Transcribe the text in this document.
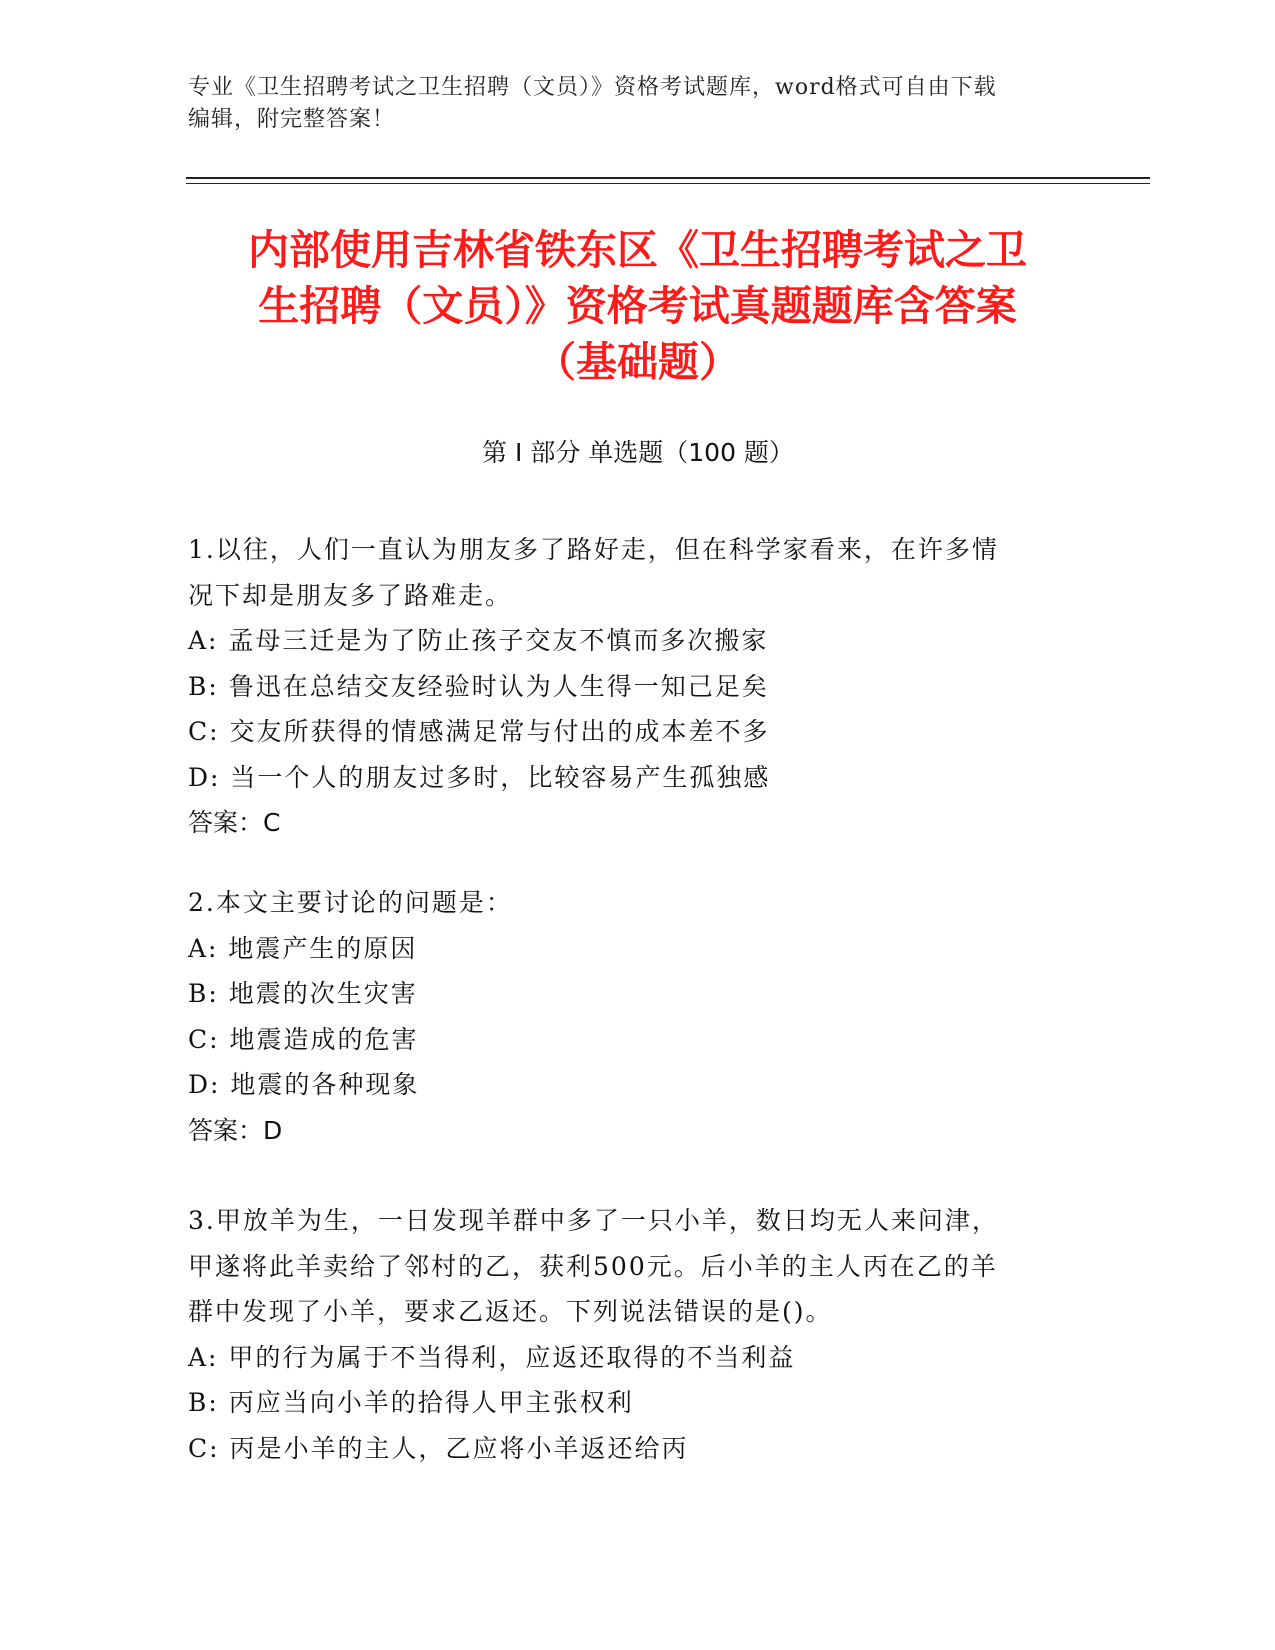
专业《卫生招聘考试之卫生招聘（文员）》资格考试题库，word格式可自由下载
编辑，附完整答案！
内部使用吉林省铁东区《卫生招聘考试之卫
生招聘（文员）》资格考试真题题库含答案
（基础题）
第 I 部分 单选题（100 题）
1.以往，人们一直认为朋友多了路好走，但在科学家看来，在许多情
况下却是朋友多了路难走。
A: 孟母三迁是为了防止孩子交友不慎而多次搬家
B: 鲁迅在总结交友经验时认为人生得一知己足矣
C: 交友所获得的情感满足常与付出的成本差不多
D: 当一个人的朋友过多时，比较容易产生孤独感
答案：C
2.本文主要讨论的问题是：
A: 地震产生的原因
B: 地震的次生灾害
C: 地震造成的危害
D: 地震的各种现象
答案：D
3.甲放羊为生，一日发现羊群中多了一只小羊，数日均无人来问津，
甲遂将此羊卖给了邻村的乙，获利500元。后小羊的主人丙在乙的羊
群中发现了小羊，要求乙返还。下列说法错误的是()。
A: 甲的行为属于不当得利，应返还取得的不当利益
B: 丙应当向小羊的拾得人甲主张权利
C: 丙是小羊的主人，乙应将小羊返还给丙
